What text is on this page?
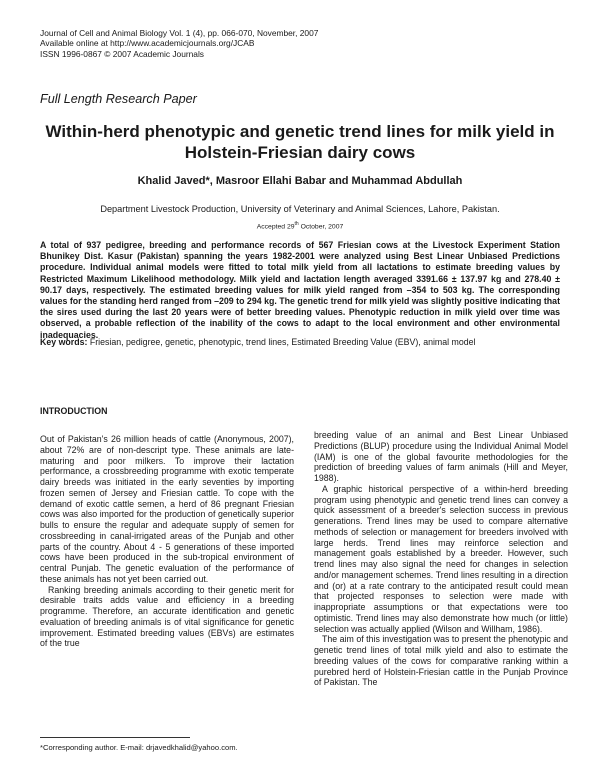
Journal of Cell and Animal Biology Vol. 1 (4), pp. 066-070, November, 2007
Available online at http://www.academicjournals.org/JCAB
ISSN 1996-0867 © 2007 Academic Journals
Full Length Research Paper
Within-herd phenotypic and genetic trend lines for milk yield in Holstein-Friesian dairy cows
Khalid Javed*, Masroor Ellahi Babar and Muhammad Abdullah
Department Livestock Production, University of Veterinary and Animal Sciences, Lahore, Pakistan.
Accepted 29th October, 2007
A total of 937 pedigree, breeding and performance records of 567 Friesian cows at the Livestock Experiment Station Bhunikey Dist. Kasur (Pakistan) spanning the years 1982-2001 were analyzed using Best Linear Unbiased Predictions procedure. Individual animal models were fitted to total milk yield from all lactations to estimate breeding values by Restricted Maximum Likelihood methodology. Milk yield and lactation length averaged 3391.66 ± 137.97 kg and 278.40 ± 90.17 days, respectively. The estimated breeding values for milk yield ranged from –354 to 503 kg. The corresponding values for the standing herd ranged from –209 to 294 kg. The genetic trend for milk yield was slightly positive indicating that the sires used during the last 20 years were of better breeding values. Phenotypic reduction in milk yield over time was observed, a probable reflection of the inability of the cows to adapt to the local environment and other environmental inadequacies.
Key words: Friesian, pedigree, genetic, phenotypic, trend lines, Estimated Breeding Value (EBV), animal model
INTRODUCTION

Out of Pakistan's 26 million heads of cattle (Anonymous, 2007), about 72% are of non-descript type. These animals are late-maturing and poor milkers. To improve their lactation performance, a crossbreeding programme with exotic temperate dairy breeds was initiated in the early seventies by importing frozen semen of Jersey and Friesian cattle. To cope with the demand of exotic cattle semen, a herd of 86 pregnant Friesian cows was also imported for the production of genetically superior bulls to ensure the regular and adequate supply of semen for crossbreeding in canal-irrigated areas of the Punjab and other parts of the country. About 4 - 5 generations of these imported cows have been produced in the sub-tropical environment of central Punjab. The genetic evaluation of the performance of these animals has not yet been carried out.

Ranking breeding animals according to their genetic merit for desirable traits adds value and efficiency in a breeding programme. Therefore, an accurate identification and genetic evaluation of breeding animals is of vital significance for genetic improvement. Estimated breeding values (EBVs) are estimates of the true

breeding value of an animal and Best Linear Unbiased Predictions (BLUP) procedure using the Individual Animal Model (IAM) is one of the global favourite methodologies for the prediction of breeding values of farm animals (Hill and Meyer, 1988).

A graphic historical perspective of a within-herd breeding program using phenotypic and genetic trend lines can convey a quick assessment of a breeder's selection success in previous generations. Trend lines may be used to compare alternative methods of selection or management for breeders involved with large herds. Trend lines may reinforce selection and management goals established by a breeder. However, such trend lines may also signal the need for changes in selection and/or management schemes. Trend lines resulting in a direction and (or) at a rate contrary to the anticipated result could mean that projected responses to selection were made with inappropriate assumptions or that expectations were too optimistic. Trend lines may also demonstrate how much (or little) selection was actually applied (Wilson and Willham, 1986).

The aim of this investigation was to present the phenotypic and genetic trend lines of total milk yield and also to estimate the breeding values of the cows for comparative ranking within a purebred herd of Holstein-Friesian cattle in the Punjab Province of Pakistan. The

*Corresponding author. E-mail: drjavedkhalid@yahoo.com.
